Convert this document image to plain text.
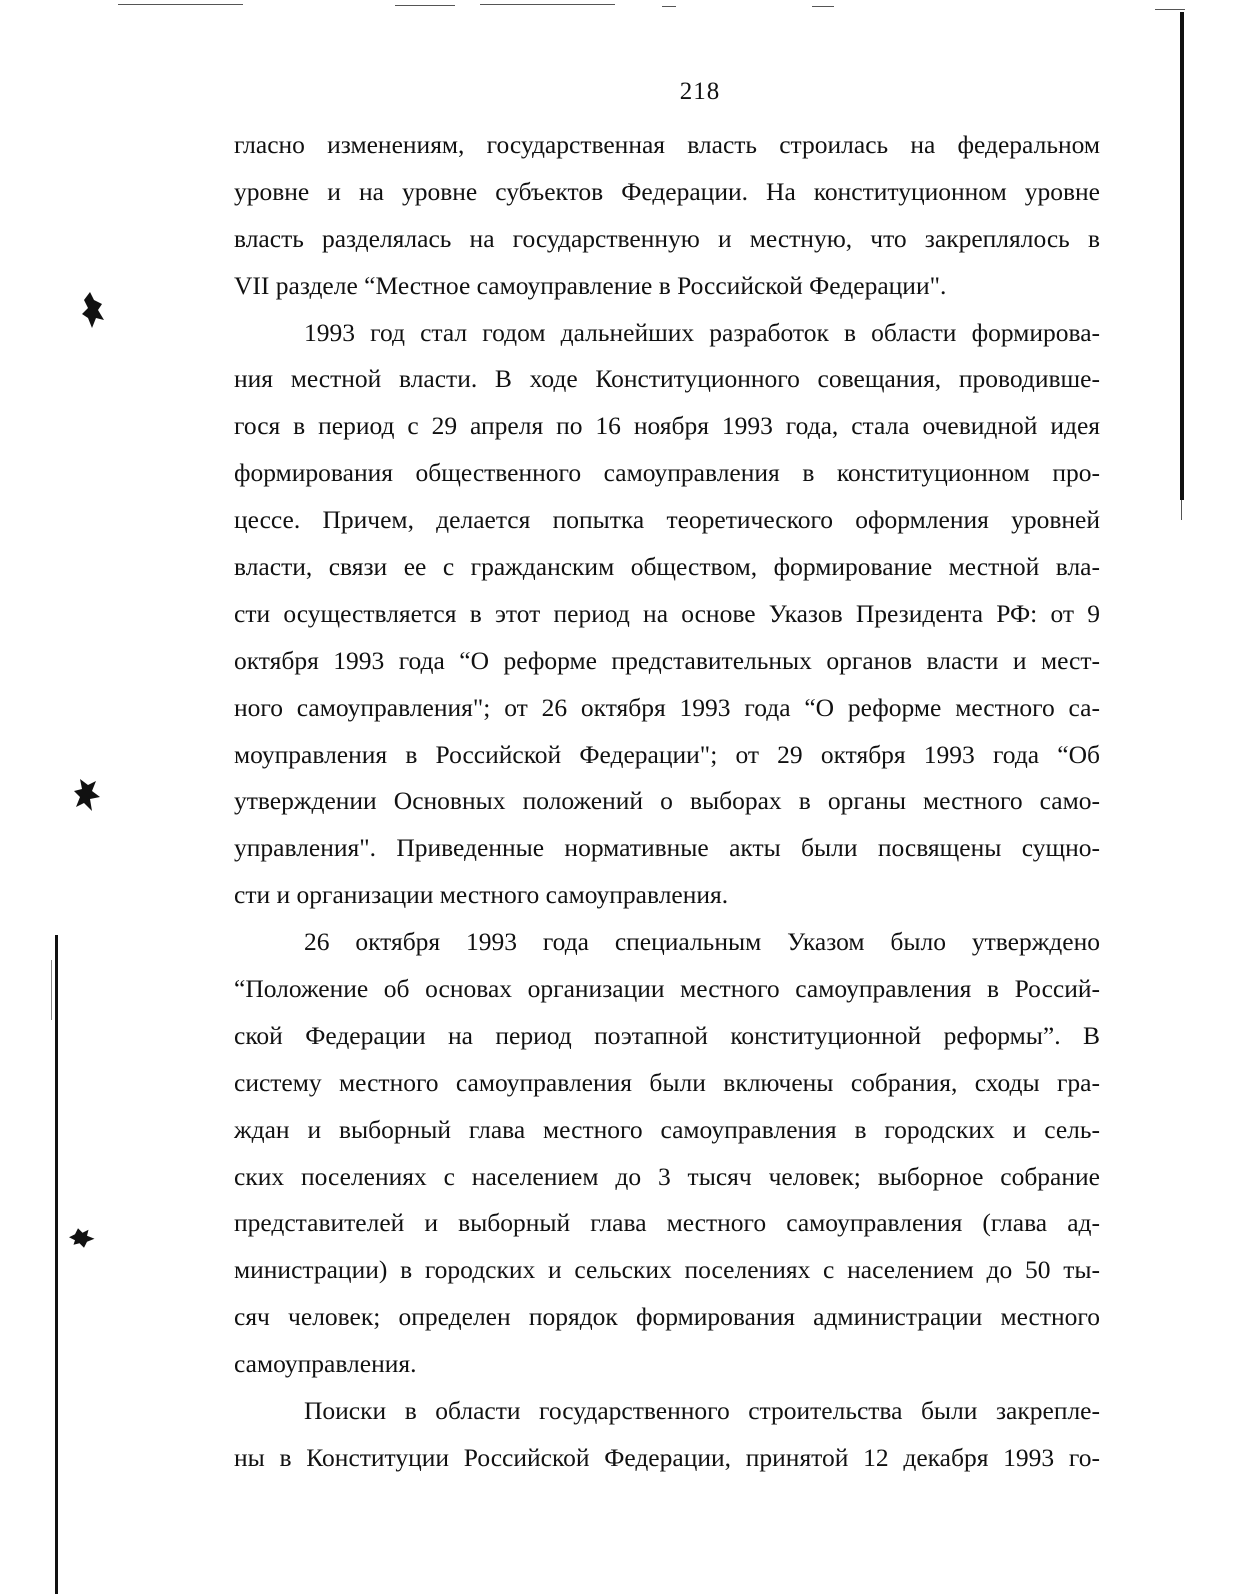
218
гласно изменениям, государственная власть строилась на федеральном
уровне и на уровне субъектов Федерации. На конституционном уровне
власть разделялась на государственную и местную, что закреплялось в
VII разделе “Местное самоуправление в Российской Федерации".
1993 год стал годом дальнейших разработок в области формирова-
ния местной власти. В ходе Конституционного совещания, проводивше-
гося в период с 29 апреля по 16 ноября 1993 года, стала очевидной идея
формирования общественного самоуправления в конституционном про-
цессе. Причем, делается попытка теоретического оформления уровней
власти, связи ее с гражданским обществом, формирование местной вла-
сти осуществляется в этот период на основе Указов Президента РФ: от 9
октября 1993 года “О реформе представительных органов власти и мест-
ного самоуправления"; от 26 октября 1993 года “О реформе местного са-
моуправления в Российской Федерации"; от 29 октября 1993 года “Об
утверждении Основных положений о выборах в органы местного само-
управления". Приведенные нормативные акты были посвящены сущно-
сти и организации местного самоуправления.
26 октября 1993 года специальным Указом было утверждено
“Положение об основах организации местного самоуправления в Россий-
ской Федерации на период поэтапной конституционной реформы”. В
систему местного самоуправления были включены собрания, сходы гра-
ждан и выборный глава местного самоуправления в городских и сель-
ских поселениях с населением до 3 тысяч человек; выборное собрание
представителей и выборный глава местного самоуправления (глава ад-
министрации) в городских и сельских поселениях с населением до 50 ты-
сяч человек; определен порядок формирования администрации местного
самоуправления.
Поиски в области государственного строительства были закрепле-
ны в Конституции Российской Федерации, принятой 12 декабря 1993 го-
